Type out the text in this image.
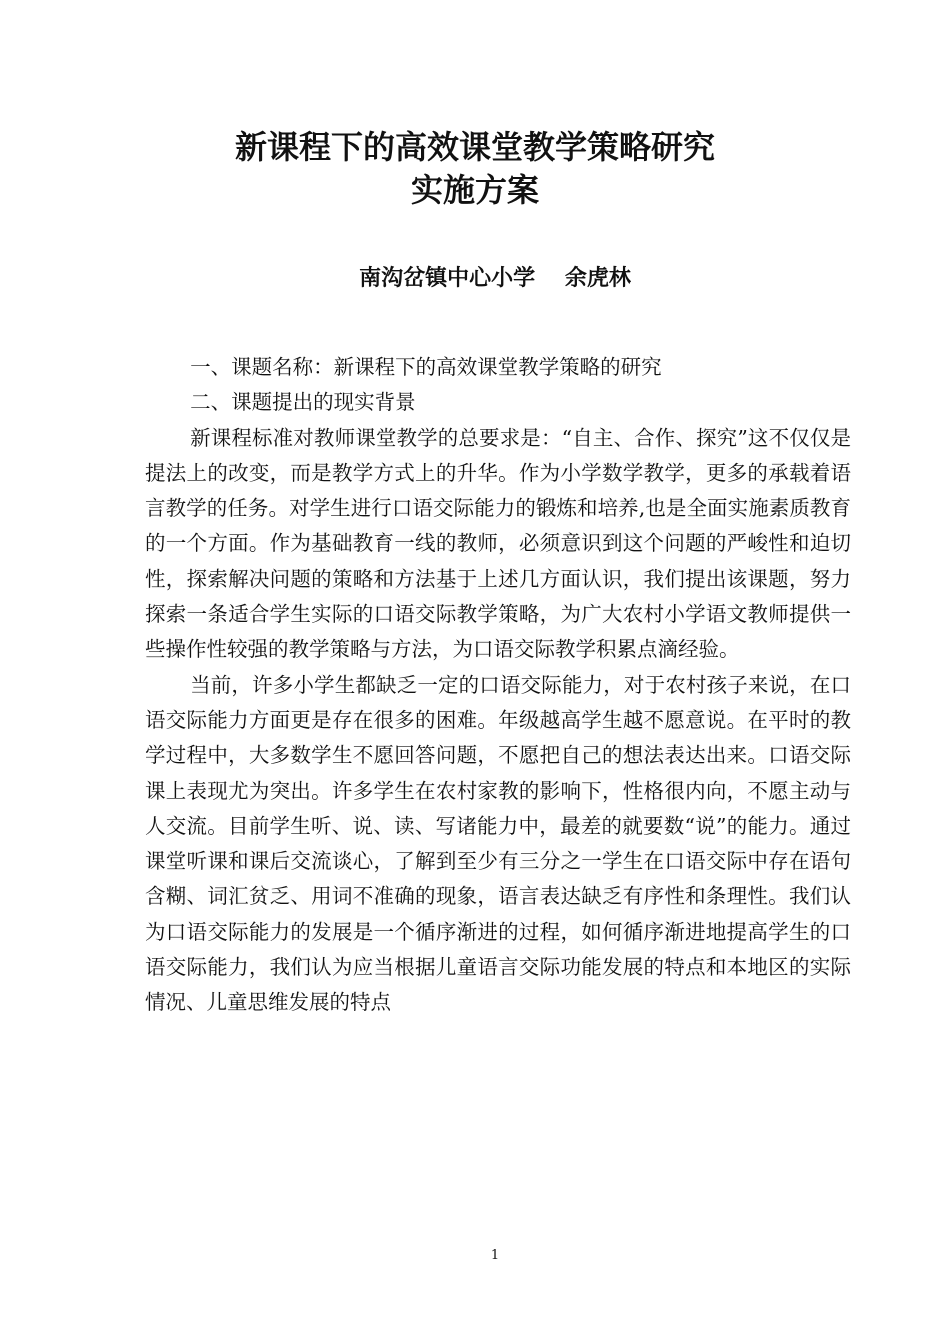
新课程下的高效课堂教学策略研究
实施方案
南沟岔镇中心小学　 余虎林

一、课题名称：新课程下的高效课堂教学策略的研究

二、课题提出的现实背景

新课程标准对教师课堂教学的总要求是：“自主、合作、探究”这不仅仅是提法上的改变，而是教学方式上的升华。作为小学数学教学，更多的承载着语言教学的任务。对学生进行口语交际能力的锻炼和培养,也是全面实施素质教育的一个方面。作为基础教育一线的教师，必须意识到这个问题的严峻性和迫切性，探索解决问题的策略和方法基于上述几方面认识，我们提出该课题，努力探索一条适合学生实际的口语交际教学策略，为广大农村小学语文教师提供一些操作性较强的教学策略与方法，为口语交际教学积累点滴经验。

当前，许多小学生都缺乏一定的口语交际能力，对于农村孩子来说，在口语交际能力方面更是存在很多的困难。年级越高学生越不愿意说。在平时的教学过程中，大多数学生不愿回答问题，不愿把自己的想法表达出来。口语交际课上表现尤为突出。许多学生在农村家教的影响下，性格很内向，不愿主动与人交流。目前学生听、说、读、写诸能力中，最差的就要数“说”的能力。通过课堂听课和课后交流谈心，了解到至少有三分之一学生在口语交际中存在语句含糊、词汇贫乏、用词不准确的现象，语言表达缺乏有序性和条理性。我们认为口语交际能力的发展是一个循序渐进的过程，如何循序渐进地提高学生的口语交际能力，我们认为应当根据儿童语言交际功能发展的特点和本地区的实际情况、儿童思维发展的特点

1
